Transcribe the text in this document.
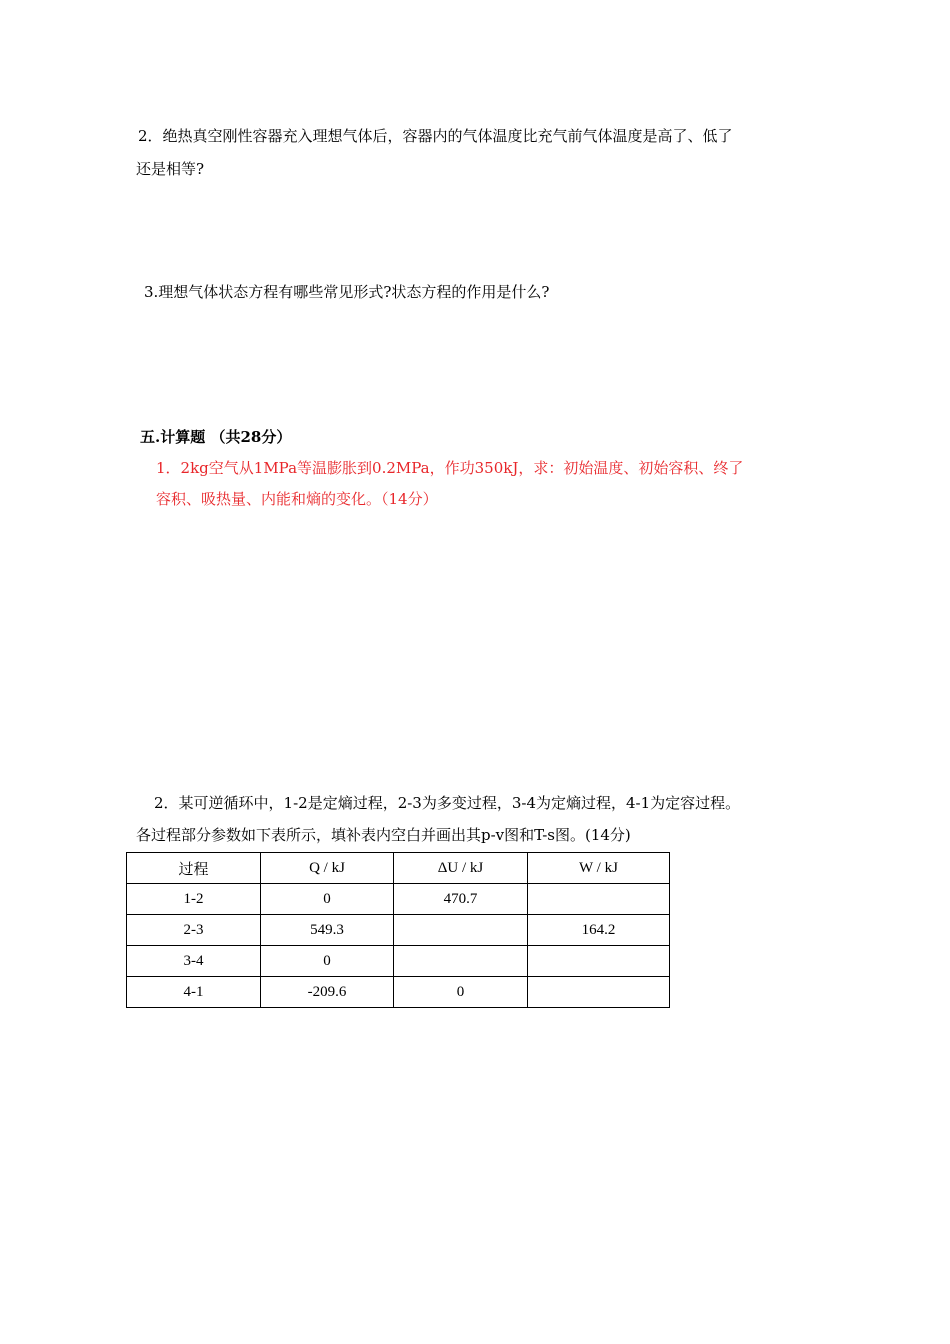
2．绝热真空刚性容器充入理想气体后，容器内的气体温度比充气前气体温度是高了、低了
还是相等?
3.理想气体状态方程有哪些常见形式?状态方程的作用是什么?
五.计算题 （共28分）
1．2kg空气从1MPa等温膨胀到0.2MPa，作功350kJ，求：初始温度、初始容积、终了
容积、吸热量、内能和熵的变化。（14分）
2．某可逆循环中，1-2是定熵过程，2-3为多变过程，3-4为定熵过程，4-1为定容过程。
各过程部分参数如下表所示，填补表内空白并画出其p-v图和T-s图。(14分)
过程	Q / kJ	ΔU / kJ	W / kJ
1-2	0	470.7	
2-3	549.3		164.2
3-4	0		
4-1	-209.6	0	
